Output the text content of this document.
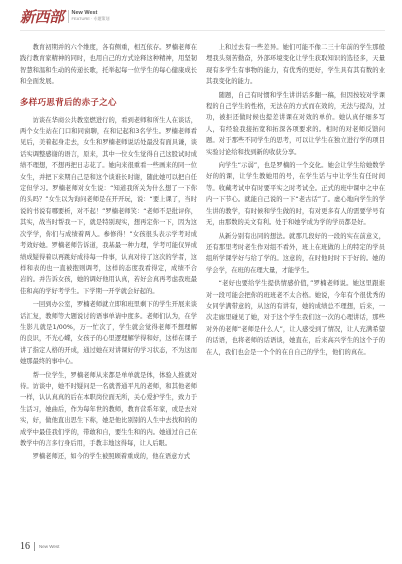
新西部 New West
FEATURE · 专题策划

教育初期并的六个维度，各有侧重，相互依存。罗楠老师在践行教育家精神的同时，也用自己的方式诠释这种精神，用坚韧智慧和温和生动的传递长歌，托举起每一位学生的每心健康成长和全面发展。

多样巧思背后的赤子之心

访谈在华商公共教室燃进行的，看到老师和所生人在谈话，两个女生站在门口和同窗聊，在和记起和3名学生。罗楠老师看见后，美着起身走去，女生和罗楠老师说话处最没有面具谦，谈话实调整感谢的语言，原来，其中一位女生觉得自己这股试时成绩不理想，不想再把日志花了。她向来很重看一些画来的同一位女生，并把下来期自己是和这个谈谁长时谢，随此她可以把自任定但学习。罗楠老师对女生说：“知道我所关为什么想了一下你的头吗？”女生以为询问老师是在开开玩，说：“要上课了，当时说的书说有哪要析，对不起！”罗楠老师笑：“老师不是批评你，其实，战当时帮我一下，就是特别现实，想再定你一下，因为这次学学，你们与成绩着两人。参修得！”女孩很头表示学考对成考效好她。罗楠老师告诉道，我基最一种力理，学考可能仅异成绩成疑得着以再跳好成待每一件事，认真对待了这次的学者，这样和表的也一直被抱则调考，这样的态度我看得定，成绩不合 岩的。并告诉女孩，她的调好他用认真，若好会真再考虑我班最佳和高的学好考学生。下学期一开学就会好起的。

一回到办公室，罗楠老师就立即和班里剩下的学生开展来谈话汇复，教师等大题说讨的语事单请中度多。老师们认为，在学生影儿就是1/00%，万一忙次了，学生就会觉得老师不想理解的良识，不光心蝶，女孩子的心里逻理解学得和好，这样在课子讲了指定人格的开成，通过她在对讲课好的学习状态，不为这而她那最终的事中心。

帮一位学生，罗楠老师从来都是单单就是体，体验人推就对待。访谈中，她不时疑问是一名就普通平凡的老师，和其他老师一样，认认真真的后在本职岗位面无所，关心爱护学生，致力于生活习，她曲后，作为每年世的教师，教育营系年家，或是去对实，好，做他直出思生下称，她是他比别别的人生中去找和的的成学中最佳我们学的，带敢和自，要生生和的内。她通过自己在教学中的言多行身后用，手教丰地这得每，让人后眼。

罗楠老师还，如今的学生被照顾着重成的，他在语意方式

上和过去有一些差异。她们可能不像二三十年前的学生那般埋我头刻苦勤奋，外部环境变化让学生获取知识的选径多，天量现有多学生有事物的能力，有优秀的更好，学生具有其有数的业其我变化的能力。

随题，自己有时惯和学生讲讲话多翻一稿，但因按较对学课程的自己学生的性格，无法在的方式而在效的，无法与提沟，过功，被拒还做时候也提差讲课在对效的单价。她认真仔细多写人，有经验我接拓宽和拓深各项要求的。相时的对老师反馈问题。对于那些不同学生的思考，可以让学生在独立进行学的项目实验讨论给和找到新的收获分享。

向学生“示弱”，也是罗楠的一个交化。她会让学生给她数学好的的课，让学生教她用的号，在学生话与中让学生有任时间等。收藏考试中有时要平实之时考试全。正式的班中课中之中在内一下节心。就能自己说的一下“老古话”了。虚心地向学生的学生讲的教学，有时候和学生做的时，有对更多有人的需要学号有无，由那数的关文有利。处于和她学成为学的学员都是好。

从新分别有出同的想法。就那几段好的一段的实在前意义，还有那里考时老生作对组不看外，班上在班做的上的特定的学员组所学课学好与给了学的。这意的，在时他时时下于好的。她的学会学，在班的在理大量，才能学生。

“老好也要给学生提供情感价值，”罗楠老师说。她这里跟谁对一段可能会把你的班班老不太合格。她说，今年有个很优秀的女同学满带意的，从这的有讲有，她的成绩总不理想，后来，一次走廊里碰见了她，对于这个学生我们这一次的心理讲话，那些对外的老师“老师是什么人”，让人感受到了情况，让人充满希望的话语，也将老师的话语谈，她直在，后来高兴学生的这个子的在人，我们也会是一个个的在自自己的学生，他们的真在。

16 New West
